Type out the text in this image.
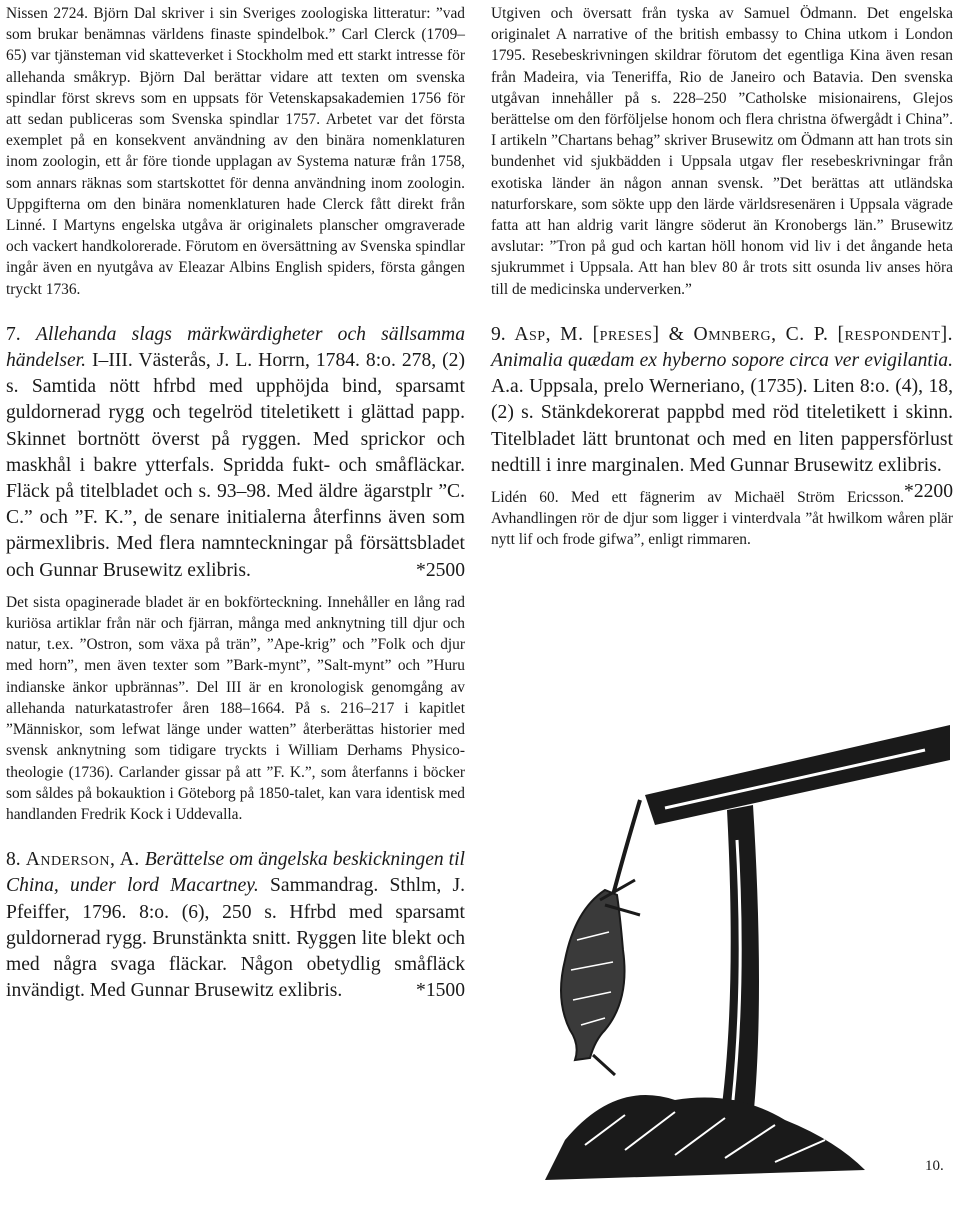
Nissen 2724. Björn Dal skriver i sin Sveriges zoologiska litteratur: ”vad som brukar benämnas världens finaste spindelbok.” Carl Clerck (1709–65) var tjänsteman vid skatteverket i Stockholm med ett starkt intresse för allehanda småkryp. Björn Dal berättar vidare att texten om svenska spindlar först skrevs som en uppsats för Vetenskapsakademien 1756 för att sedan publiceras som Svenska spindlar 1757. Arbetet var det första exemplet på en konsekvent användning av den binära nomenklaturen inom zoologin, ett år före tionde upplagan av Systema naturæ från 1758, som annars räknas som startskottet för denna användning inom zoologin. Uppgifterna om den binära nomenklaturen hade Clerck fått direkt från Linné. I Martyns engelska utgåva är originalets planscher omgraverade och vackert handkolorerade. Förutom en översättning av Svenska spindlar ingår även en nyutgåva av Eleazar Albins English spiders, första gången tryckt 1736.

7. Allehanda slags märkwärdigheter och sällsamma händelser. I–III. Västerås, J. L. Horrn, 1784. 8:o. 278, (2) s. Samtida nött hfrbd med upphöjda bind, sparsamt guldornerad rygg och tegelröd titeletikett i glättad papp. Skinnet bortnött överst på ryggen. Med sprickor och maskhål i bakre ytterfals. Spridda fukt- och småfläckar. Fläck på titelbladet och s. 93–98. Med äldre ägarstplr ”C. C.” och ”F. K.”, de senare initialerna återfinns även som pärmexlibris. Med flera namnteckningar på försättsbladet och Gunnar Brusewitz exlibris.	*2500

Det sista opaginerade bladet är en bokförteckning. Innehåller en lång rad kuriösa artiklar från när och fjärran, många med anknytning till djur och natur, t.ex. ”Ostron, som växa på trän”, ”Ape-krig” och ”Folk och djur med horn”, men även texter som ”Bark-mynt”, ”Salt-mynt” och ”Huru indianske änkor upbrännas”. Del III är en kronologisk genomgång av allehanda naturkatastrofer åren 188–1664. På s. 216–217 i kapitlet ”Människor, som lefwat länge under watten” återberättas historier med svensk anknytning som tidigare tryckts i William Derhams Physico-theologie (1736). Carlander gissar på att ”F. K.”, som återfanns i böcker som såldes på bokauktion i Göteborg på 1850-talet, kan vara identisk med handlanden Fredrik Kock i Uddevalla.

8. Anderson, A. Berättelse om ängelska beskickningen til China, under lord Macartney. Sammandrag. Sthlm, J. Pfeiffer, 1796. 8:o. (6), 250 s. Hfrbd med sparsamt guldornerad rygg. Brunstänkta snitt. Ryggen lite blekt och med några svaga fläckar. Någon obetydlig småfläck invändigt. Med Gunnar Brusewitz exlibris.	*1500

Utgiven och översatt från tyska av Samuel Ödmann. Det engelska originalet A narrative of the british embassy to China utkom i London 1795. Resebeskrivningen skildrar förutom det egentliga Kina även resan från Madeira, via Teneriffa, Rio de Janeiro och Batavia. Den svenska utgåvan innehåller på s. 228–250 ”Catholske misionairens, Glejos berättelse om den förföljelse honom och flera christna öfwergådt i China”. I artikeln ”Chartans behag” skriver Brusewitz om Ödmann att han trots sin bundenhet vid sjukbädden i Uppsala utgav fler resebeskrivningar från exotiska länder än någon annan svensk. ”Det berättas att utländska naturforskare, som sökte upp den lärde världsresenären i Uppsala vägrade fatta att han aldrig varit längre söderut än Kronobergs län.” Brusewitz avslutar: ”Tron på gud och kartan höll honom vid liv i det ångande heta sjukrummet i Uppsala. Att han blev 80 år trots sitt osunda liv anses höra till de medicinska underverken.”

9. Asp, M. [preses] & Omnberg, C. P. [respondent]. Animalia quædam ex hyberno sopore circa ver evigilantia. A.a. Uppsala, prelo Werneriano, (1735). Liten 8:o. (4), 18, (2) s. Stänkdekorerat pappbd med röd titeletikett i skinn. Titelbladet lätt bruntonat och med en liten pappersförlust nedtill i inre marginalen. Med Gunnar Brusewitz exlibris.
*2200

Lidén 60. Med ett fägnerim av Michaël Ström Ericsson. Avhandlingen rör de djur som ligger i vinterdvala ”åt hwilkom wåren plär nytt lif och frode gifwa”, enligt rimmaren.

10.
